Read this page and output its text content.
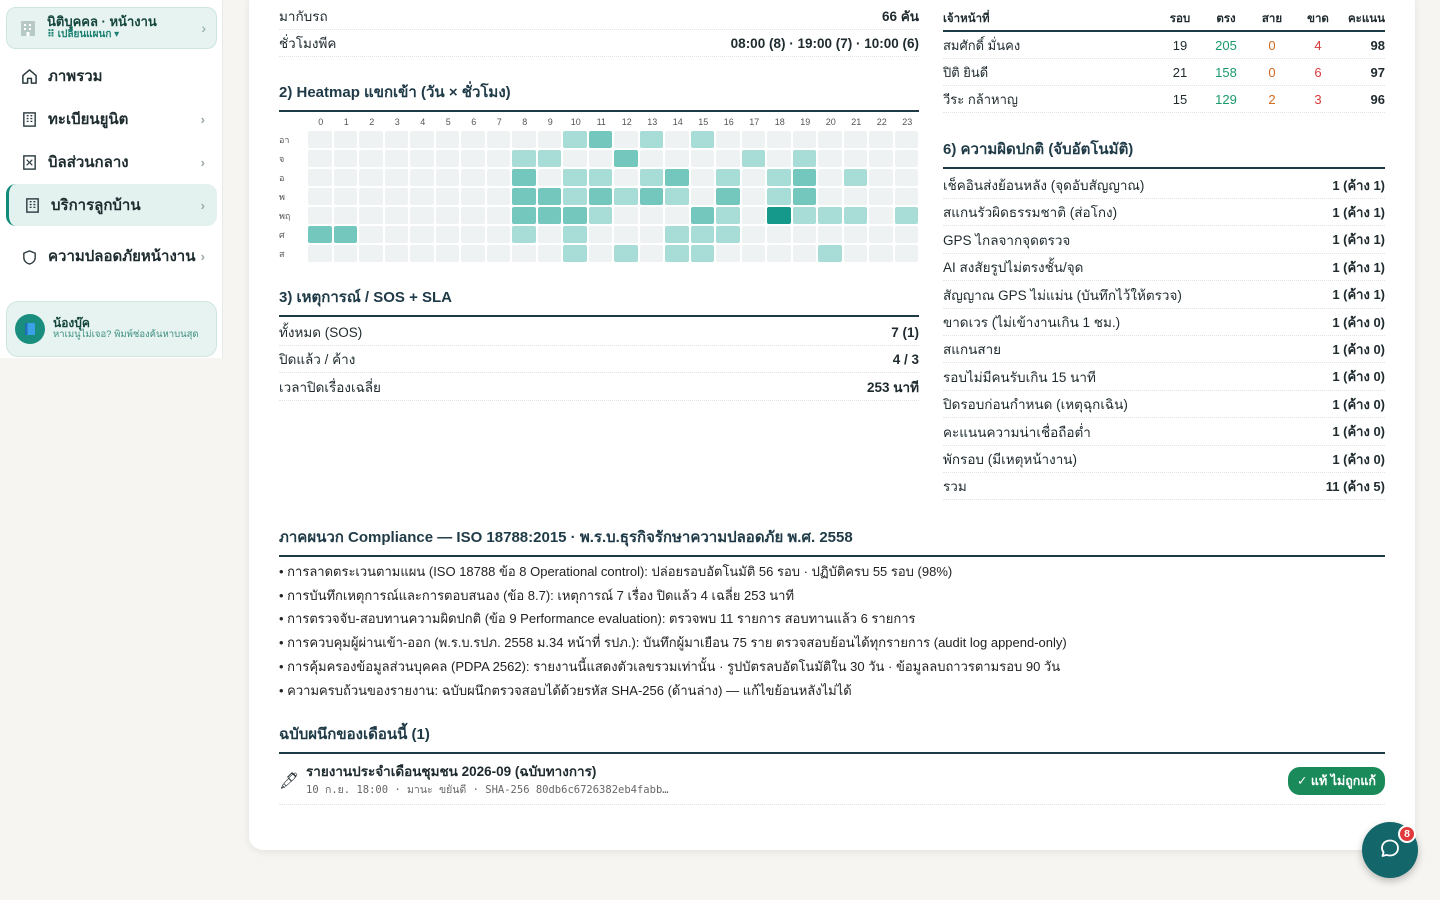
นิติบุคคล · หน้างาน
⠿ เปลี่ยนแผนก ▾	›
ภาพรวม
ทะเบียนยูนิต	›
บิลส่วนกลาง	›
บริการลูกบ้าน	›
ความปลอดภัยหน้างาน ›
น้องบุ๊ค
หาเมนูไม่เจอ? พิมพ์ช่องค้นหาบนสุด
มากับรถ	66 คัน
ชั่วโมงพีค	08:00 (8) · 19:00 (7) · 10:00 (6)
2) Heatmap แขกเข้า (วัน × ชั่วโมง)
0	1	2	3	4	5	6	7	8	9	10	11	12	13	14	15	16	17	18	19	20	21	22	23
อา
จ
อ
พ
พฤ
ศ
ส
3) เหตุการณ์ / SOS + SLA
ทั้งหมด (SOS)	7 (1)
ปิดแล้ว / ค้าง	4 / 3
เวลาปิดเรื่องเฉลี่ย	253 นาที
เจ้าหน้าที่	รอบ	ตรง	สาย	ขาด	คะแนน
สมศักดิ์ มั่นคง	19	205	0	4	98
ปิติ ยินดี	21	158	0	6	97
วีระ กล้าหาญ	15	129	2	3	96
6) ความผิดปกติ (จับอัตโนมัติ)
เช็คอินส่งย้อนหลัง (จุดอับสัญญาณ)	1 (ค้าง 1)
สแกนรัวผิดธรรมชาติ (ส่อโกง)	1 (ค้าง 1)
GPS ไกลจากจุดตรวจ	1 (ค้าง 1)
AI สงสัยรูปไม่ตรงชั้น/จุด	1 (ค้าง 1)
สัญญาณ GPS ไม่แม่น (บันทึกไว้ให้ตรวจ)	1 (ค้าง 1)
ขาดเวร (ไม่เข้างานเกิน 1 ชม.)	1 (ค้าง 0)
สแกนสาย	1 (ค้าง 0)
รอบไม่มีคนรับเกิน 15 นาที	1 (ค้าง 0)
ปิดรอบก่อนกำหนด (เหตุฉุกเฉิน)	1 (ค้าง 0)
คะแนนความน่าเชื่อถือต่ำ	1 (ค้าง 0)
พักรอบ (มีเหตุหน้างาน)	1 (ค้าง 0)
รวม	11 (ค้าง 5)
ภาคผนวก Compliance — ISO 18788:2015 · พ.ร.บ.ธุรกิจรักษาความปลอดภัย พ.ศ. 2558
• การลาดตระเวนตามแผน (ISO 18788 ข้อ 8 Operational control): ปล่อยรอบอัตโนมัติ 56 รอบ · ปฏิบัติครบ 55 รอบ (98%)
• การบันทึกเหตุการณ์และการตอบสนอง (ข้อ 8.7): เหตุการณ์ 7 เรื่อง ปิดแล้ว 4 เฉลี่ย 253 นาที
• การตรวจจับ-สอบทานความผิดปกติ (ข้อ 9 Performance evaluation): ตรวจพบ 11 รายการ สอบทานแล้ว 6 รายการ
• การควบคุมผู้ผ่านเข้า-ออก (พ.ร.บ.รปภ. 2558 ม.34 หน้าที่ รปภ.): บันทึกผู้มาเยือน 75 ราย ตรวจสอบย้อนได้ทุกรายการ (audit log append-only)
• การคุ้มครองข้อมูลส่วนบุคคล (PDPA 2562): รายงานนี้แสดงตัวเลขรวมเท่านั้น · รูปบัตรลบอัตโนมัติใน 30 วัน · ข้อมูลลบถาวรตามรอบ 90 วัน
• ความครบถ้วนของรายงาน: ฉบับผนึกตรวจสอบได้ด้วยรหัส SHA-256 (ด้านล่าง) — แก้ไขย้อนหลังไม่ได้
ฉบับผนึกของเดือนนี้ (1)
🖋
รายงานประจำเดือนชุมชน 2026-09 (ฉบับทางการ)
10 ก.ย. 18:00 · มานะ ขยันดี · SHA-256 80db6c6726382eb4fabb…
✓ แท้ ไม่ถูกแก้
8
